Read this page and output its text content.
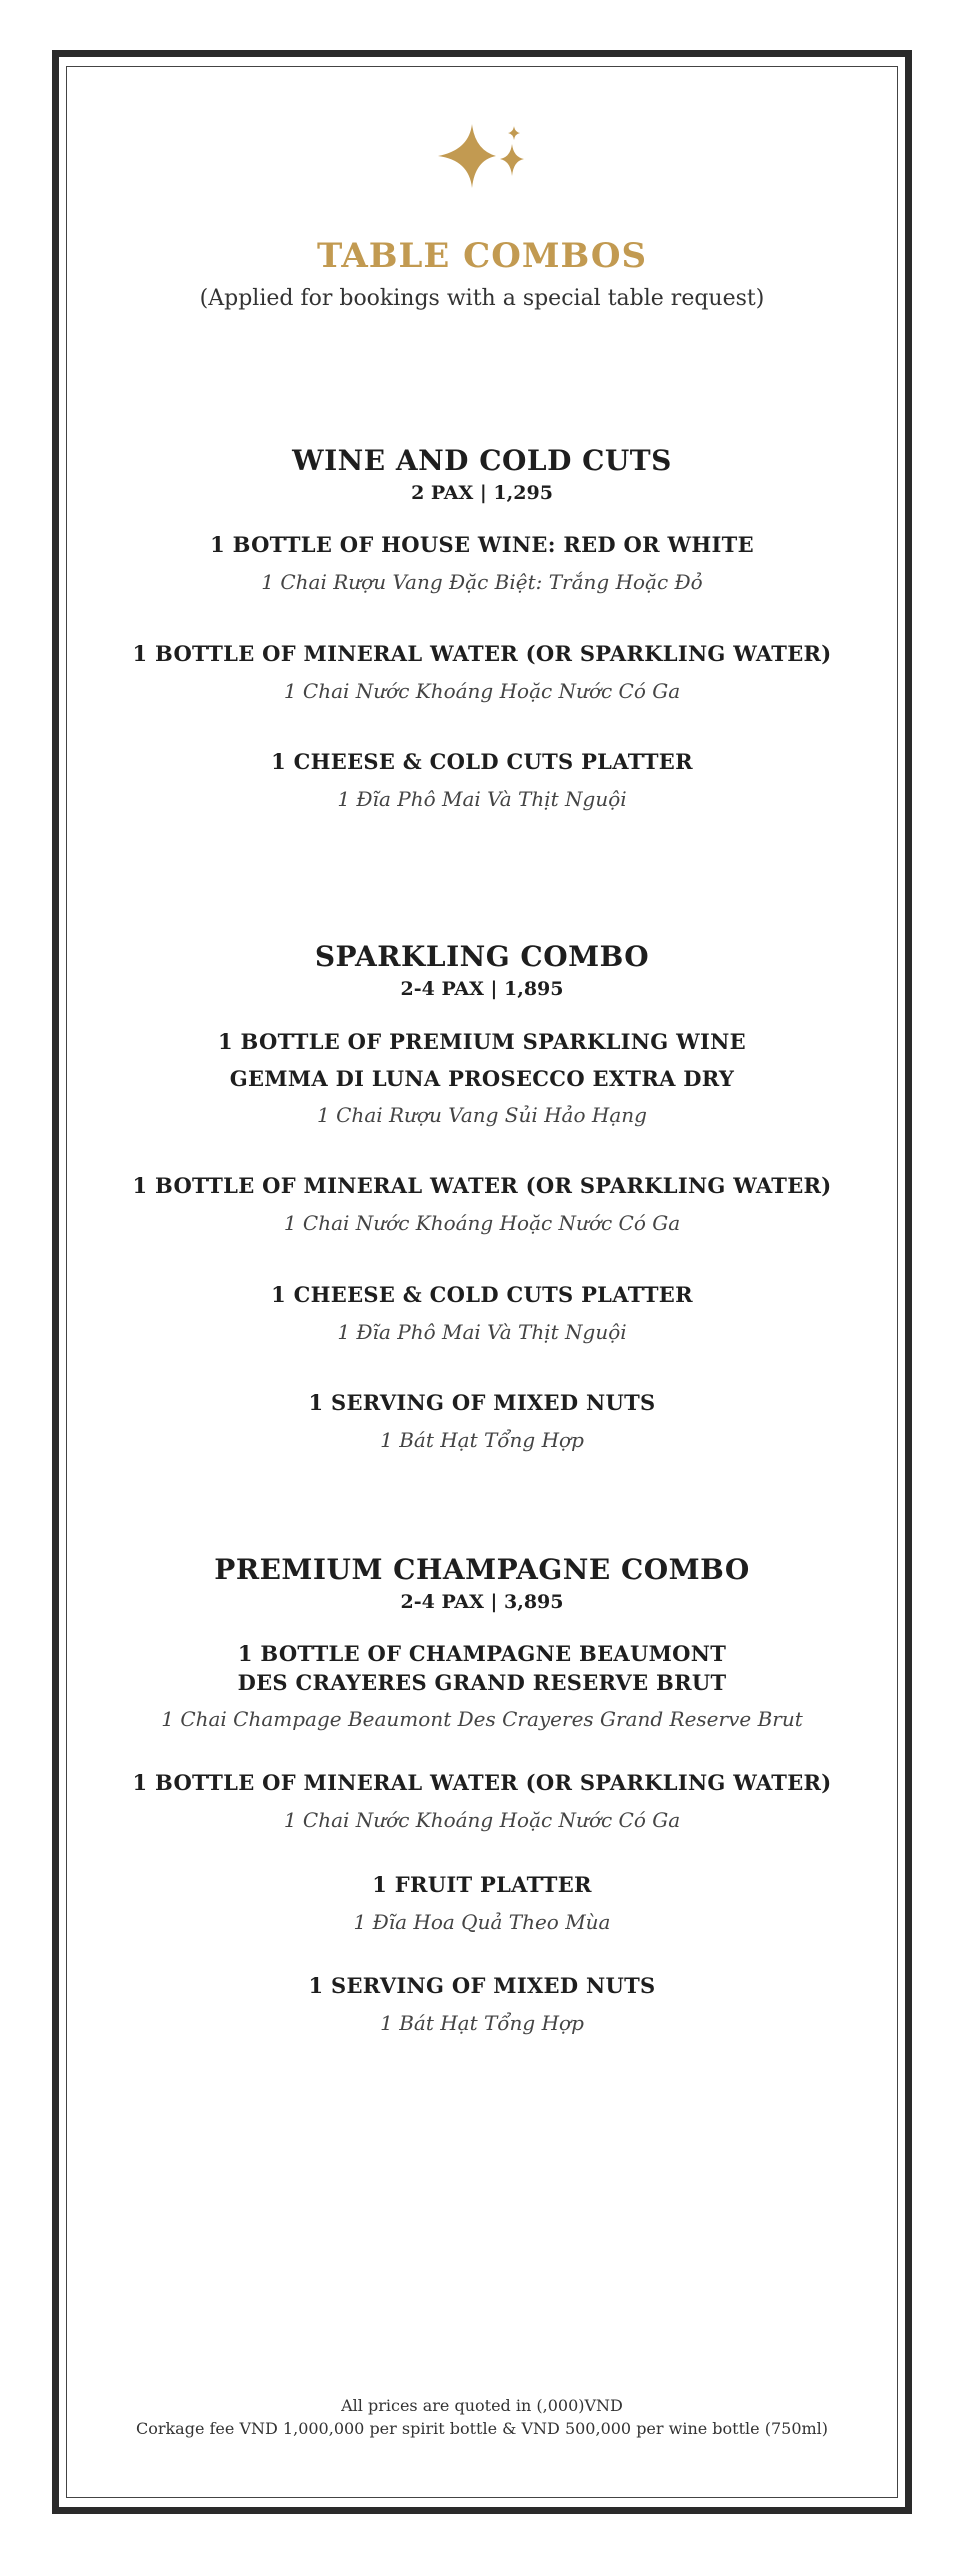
TABLE COMBOS

(Applied for bookings with a special table request)

WINE AND COLD CUTS

2 PAX | 1,295

1 BOTTLE OF HOUSE WINE: RED OR WHITE

1 Chai Rượu Vang Đặc Biệt: Trắng Hoặc Đỏ

1 BOTTLE OF MINERAL WATER (OR SPARKLING WATER)

1 Chai Nước Khoáng Hoặc Nước Có Ga

1 CHEESE & COLD CUTS PLATTER

1 Đĩa Phô Mai Và Thịt Nguội

SPARKLING COMBO

2-4 PAX | 1,895

1 BOTTLE OF PREMIUM SPARKLING WINE

GEMMA DI LUNA PROSECCO EXTRA DRY

1 Chai Rượu Vang Sủi Hảo Hạng

1 BOTTLE OF MINERAL WATER (OR SPARKLING WATER)

1 Chai Nước Khoáng Hoặc Nước Có Ga

1 CHEESE & COLD CUTS PLATTER

1 Đĩa Phô Mai Và Thịt Nguội

1 SERVING OF MIXED NUTS

1 Bát Hạt Tổng Hợp

PREMIUM CHAMPAGNE COMBO

2-4 PAX | 3,895

1 BOTTLE OF CHAMPAGNE BEAUMONT

DES CRAYERES GRAND RESERVE BRUT

1 Chai Champage Beaumont Des Crayeres Grand Reserve Brut

1 BOTTLE OF MINERAL WATER (OR SPARKLING WATER)

1 Chai Nước Khoáng Hoặc Nước Có Ga

1 FRUIT PLATTER

1 Đĩa Hoa Quả Theo Mùa

1 SERVING OF MIXED NUTS

1 Bát Hạt Tổng Hợp

All prices are quoted in (,000)VND

Corkage fee VND 1,000,000 per spirit bottle & VND 500,000 per wine bottle (750ml)
